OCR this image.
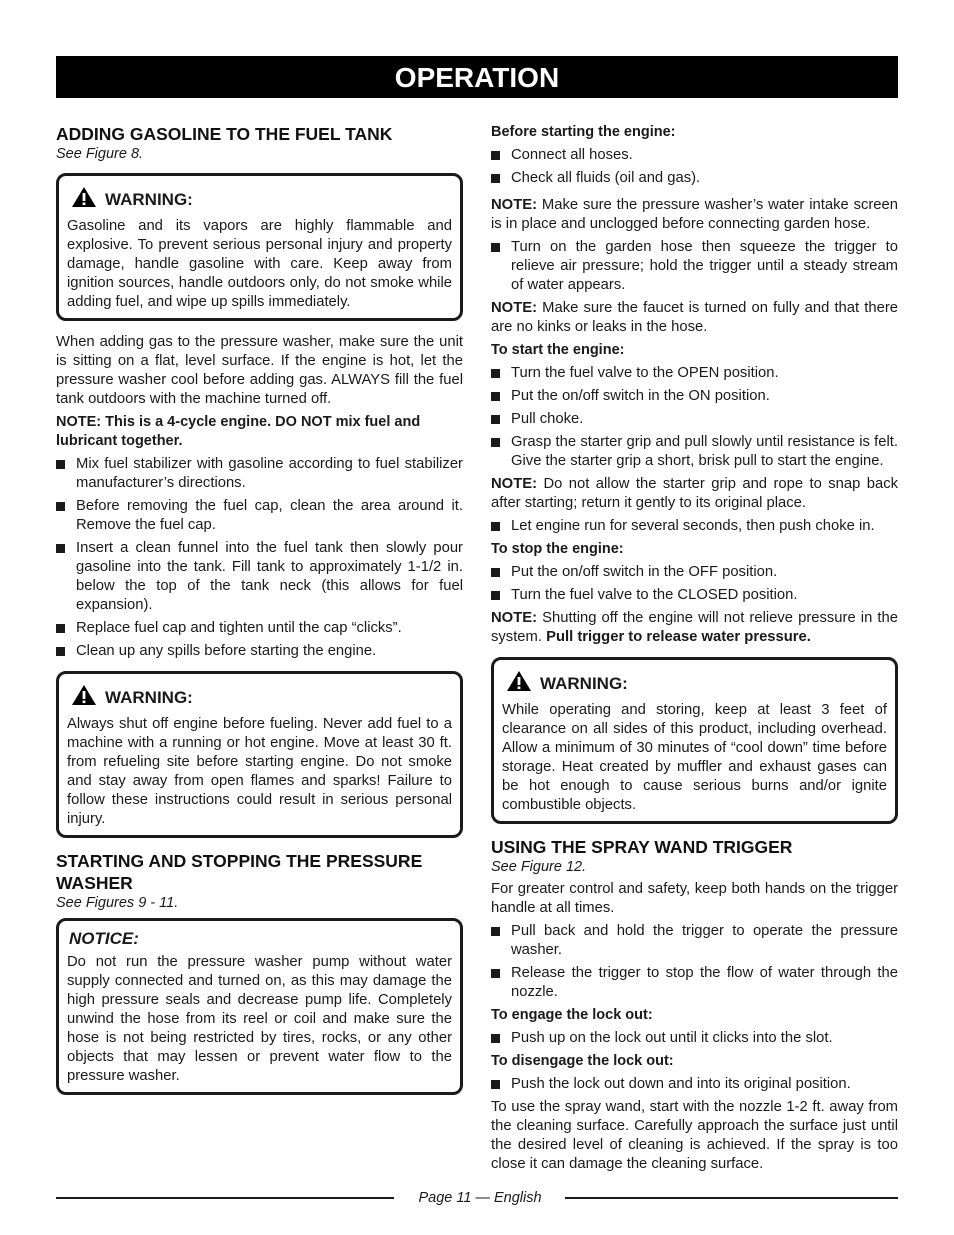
OPERATION
ADDING GASOLINE TO THE FUEL TANK

See Figure 8.

WARNING:

Gasoline and its vapors are highly flammable and explosive. To prevent serious personal injury and property damage, handle gasoline with care. Keep away from ignition sources, handle outdoors only, do not smoke while adding fuel, and wipe up spills immediately.

When adding gas to the pressure washer, make sure the unit is sitting on a flat, level surface. If the engine is hot, let the pressure washer cool before adding gas. ALWAYS fill the fuel tank outdoors with the machine turned off.

NOTE: This is a 4-cycle engine. DO NOT mix fuel and lubricant together.

Mix fuel stabilizer with gasoline according to fuel stabilizer manufacturer’s directions.
Before removing the fuel cap, clean the area around it. Remove the fuel cap.
Insert a clean funnel into the fuel tank then slowly pour gasoline into the tank. Fill tank to approximately 1-1/2 in. below the top of the tank neck (this allows for fuel expansion).
Replace fuel cap and tighten until the cap “clicks”.
Clean up any spills before starting the engine.
WARNING:

Always shut off engine before fueling. Never add fuel to a machine with a running or hot engine. Move at least 30 ft. from refueling site before starting engine. Do not smoke and stay away from open flames and sparks! Failure to follow these instructions could result in serious personal injury.

STARTING AND STOPPING THE PRESSURE WASHER

See Figures 9 - 11.

NOTICE:

Do not run the pressure washer pump without water supply connected and turned on, as this may damage the high pressure seals and decrease pump life. Completely unwind the hose from its reel or coil and make sure the hose is not being restricted by tires, rocks, or any other objects that may lessen or prevent water flow to the pressure washer.

Before starting the engine:

Connect all hoses.
Check all fluids (oil and gas).

NOTE: Make sure the pressure washer’s water intake screen is in place and unclogged before connecting garden hose.

Turn on the garden hose then squeeze the trigger to relieve air pressure; hold the trigger until a steady stream of water appears.

NOTE: Make sure the faucet is turned on fully and that there are no kinks or leaks in the hose.

To start the engine:

Turn the fuel valve to the OPEN position.
Put the on/off switch in the ON position.
Pull choke.
Grasp the starter grip and pull slowly until resistance is felt. Give the starter grip a short, brisk pull to start the engine.

NOTE: Do not allow the starter grip and rope to snap back after starting; return it gently to its original place.

Let engine run for several seconds, then push choke in.

To stop the engine:

Put the on/off switch in the OFF position.
Turn the fuel valve to the CLOSED position.

NOTE: Shutting off the engine will not relieve pressure in the system. Pull trigger to release water pressure.

WARNING:

While operating and storing, keep at least 3 feet of clearance on all sides of this product, including overhead. Allow a minimum of 30 minutes of “cool down” time before storage. Heat created by muffler and exhaust gases can be hot enough to cause serious burns and/or ignite combustible objects.

USING THE SPRAY WAND TRIGGER

See Figure 12.

For greater control and safety, keep both hands on the trigger handle at all times.

Pull back and hold the trigger to operate the pressure washer.
Release the trigger to stop the flow of water through the nozzle.

To engage the lock out:

Push up on the lock out until it clicks into the slot.

To disengage the lock out:

Push the lock out down and into its original position.

To use the spray wand, start with the nozzle 1-2 ft. away from the cleaning surface. Carefully approach the surface just until the desired level of cleaning is achieved. If the spray is too close it can damage the cleaning surface.

Page 11 — English
